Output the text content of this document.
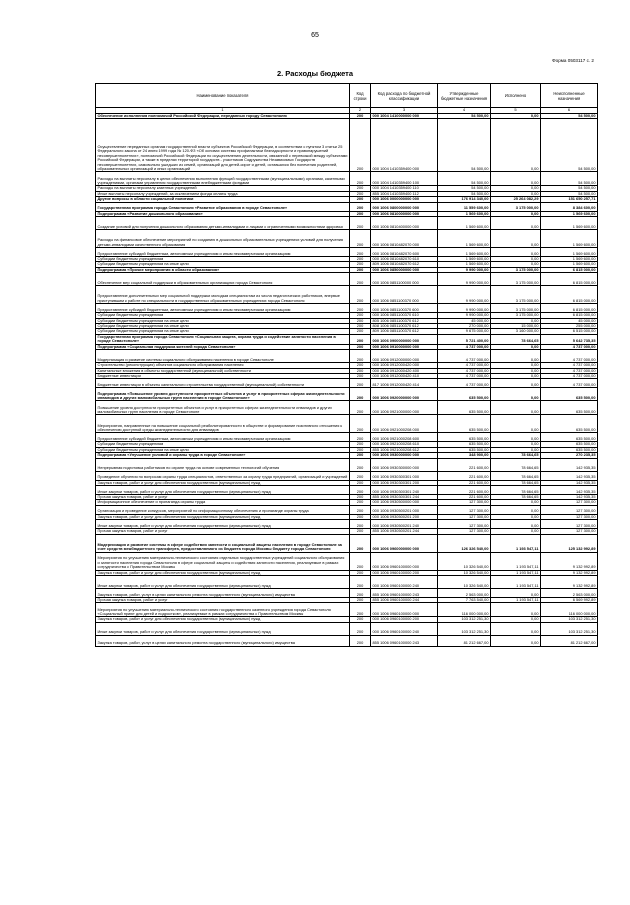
65
Форма 0503117 с. 2
2. Расходы бюджета
Наименование показателя	Код строки	Код расхода по бюджетной классификации	Утвержденные бюджетные назначения	Исполнено	Неисполненные назначения
1	2	3	4	5	6
Обеспечение исполнения полномочий Российской Федерации, переданных городу Севастополю	200	000 1004 1410000000 000	54 500,00	0,00	54 500,00
Осуществление переданных органам государственной власти субъектов Российской Федерации, в соответствии с пунктом 3 статьи 25 Федерального закона от 24 июня 1999 года № 120-ФЗ «Об основах системы профилактики безнадзорности и правонарушений несовершеннолетних», полномочий Российской Федерации по осуществлению деятельности, связанной с перевозкой между субъектами Российской Федерации, а также в пределах территорий государств - участников Содружества Независимых Государств несовершеннолетних, самовольно ушедших из семей, организаций для детей-сирот и детей, оставшихся без попечения родителей, образовательных организаций и иных организаций	200	000 1004 1410359400 000	54 500,00	0,00	54 500,00
Расходы на выплаты персоналу в целях обеспечения выполнения функций государственными (муниципальными) органами, казенными учреждениями, органами управления государственными внебюджетными фондами	200	000 1004 1410359400 100	54 500,00	0,00	54 500,00
Расходы на выплаты персоналу казенных учреждений	200	000 1004 1410359400 110	54 500,00	0,00	54 500,00
Иные выплаты персоналу учреждений, за исключением фонда оплаты труда	200	855 1004 1410359400 112	54 500,00	0,00	54 500,00
Другие вопросы в области социальной политики	200	000 1006 0000000000 000	176 914 340,00	25 264 082,29	151 650 257,71
Государственная программа города Севастополя «Развитие образования в городе Севастополе»	200	000 1006 0800000000 000	11 559 600,00	3 175 000,00	8 384 600,00
Подпрограмма «Развитие дошкольного образования»	200	000 1006 0810000000 000	1 569 600,00	0,00	1 569 600,00
Создание условий для получения дошкольного образования детьми-инвалидами и лицами с ограниченными возможностями здоровья	200	000 1006 0810400000 000	1 569 600,00	0,00	1 569 600,00
Расходы на финансовое обеспечение мероприятий по созданию в дошкольных образовательных учреждениях условий для получения детьми-инвалидами качественного образования	200	000 1006 0810482070 000	1 569 600,00	0,00	1 569 600,00
Предоставление субсидий бюджетным, автономным учреждениям и иным некоммерческим организациям	200	000 1006 0810482070 600	1 569 600,00	0,00	1 569 600,00
Субсидии бюджетным учреждениям	200	000 1006 0810482070 610	1 569 600,00	0,00	1 569 600,00
Субсидии бюджетным учреждениям на иные цели	200	809 1006 0810482070 612	1 569 600,00	0,00	1 569 600,00
Подпрограмма «Прочие мероприятия в области образования»	200	000 1006 0850000000 000	9 990 000,00	3 175 000,00	6 815 000,00
Обеспечение мер социальной поддержки в образовательных организациях города Севастополя	200	000 1006 0851100000 000	9 990 000,00	3 175 000,00	6 815 000,00
Предоставление дополнительных мер социальной поддержки молодым специалистам из числа педагогических работников, впервые приступившим к работе по специальности в государственных образовательных учреждениях города Севастополя	200	000 1006 0851100370 000	9 990 000,00	3 175 000,00	6 815 000,00
Предоставление субсидий бюджетным, автономным учреждениям и иным некоммерческим организациям	200	000 1006 0851100370 600	9 990 000,00	3 175 000,00	6 815 000,00
Субсидии бюджетным учреждениям	200	000 1006 0851100370 610	9 990 000,00	3 175 000,00	6 815 000,00
Субсидии бюджетным учреждениям на иные цели	200	805 1006 0851100370 612	45 000,00	0,00	45 000,00
Субсидии бюджетным учреждениям на иные цели	200	808 1006 0851100370 612	270 000,00	15 000,00	255 000,00
Субсидии бюджетным учреждениям на иные цели	200	809 1006 0851100370 612	9 675 000,00	3 160 000,00	6 515 000,00
Государственная программа города Севастополя «Социальная защита, охрана труда и содействие занятости населения в городе Севастополе»	200	000 1006 0900000000 000	5 721 400,00	78 664,65	5 642 735,35
Подпрограмма «Социальная поддержка жителей города Севастополя»	200	000 1006 0910000000 000	4 737 000,00	0,00	4 737 000,00
Модернизация и развитие системы социального обслуживания населения в городе Севастополе	200	000 1006 0912000000 000	4 737 000,00	0,00	4 737 000,00
Строительство (реконструкция) объектов социального обслуживания населения	200	000 1006 0912000420 000	4 737 000,00	0,00	4 737 000,00
Капитальные вложения в объекты государственной (муниципальной) собственности	200	000 1006 0912000420 400	4 737 000,00	0,00	4 737 000,00
Бюджетные инвестиции	200	000 1006 0912000420 410	4 737 000,00	0,00	4 737 000,00
Бюджетные инвестиции в объекты капитального строительства государственной (муниципальной) собственности	200	817 1006 0912000420 414	4 737 000,00	0,00	4 737 000,00
Подпрограмма «Повышение уровня доступности приоритетных объектов и услуг в приоритетных сферах жизнедеятельности инвалидов и других маломобильных групп населения в городе Севастополе»	200	000 1006 0920000000 000	635 500,00	0,00	635 500,00
Повышение уровня доступности приоритетных объектов и услуг в приоритетных сферах жизнедеятельности инвалидов и других маломобильных групп населения в городе Севастополе	200	000 1006 0921000000 000	635 500,00	0,00	635 500,00
Мероприятия, направленные на повышение социальной реабилитированности в обществе и формирование позитивного отношения к обеспечению доступной среды жизнедеятельности для инвалидов	200	000 1006 0921000208 000	635 500,00	0,00	635 500,00
Предоставление субсидий бюджетным, автономным учреждениям и иным некоммерческим организациям	200	000 1006 0921000208 600	635 500,00	0,00	635 500,00
Субсидии бюджетным учреждениям	200	000 1006 0921000208 610	635 500,00	0,00	635 500,00
Субсидии бюджетным учреждениям на иные цели	200	855 1006 0921000208 612	635 500,00	0,00	635 500,00
Подпрограмма «Улучшение условий и охраны труда в городе Севастополе»	200	000 1006 0930000000 000	348 900,00	78 664,65	270 235,35
Непрерывная подготовка работников по охране труда на основе современных технологий обучения	200	000 1006 0930300000 000	221 600,00	78 664,65	142 935,35
Проведение обучения по вопросам охраны труда специалистов, ответственных за охрану труда предприятий, организаций и учреждений	200	000 1006 0930300301 000	221 600,00	78 664,65	142 935,35
Закупка товаров, работ и услуг для обеспечения государственных (муниципальных) нужд	200	000 1006 0930300301 200	221 600,00	78 664,65	142 935,35
Иные закупки товаров, работ и услуг для обеспечения государственных (муниципальных) нужд	200	000 1006 0930300301 240	221 600,00	78 664,65	142 935,35
Прочая закупка товаров, работ и услуг	200	855 1006 0930300301 244	221 600,00	78 664,65	142 935,35
Информационное обеспечение и пропаганда охраны труда	200	000 1006 0930500000 000	127 300,00	0,00	127 300,00
Организация и проведение конкурсов, мероприятий по информационному обеспечению и пропаганде охраны труда	200	000 1006 0930500201 000	127 300,00	0,00	127 300,00
Закупка товаров, работ и услуг для обеспечения государственных (муниципальных) нужд	200	000 1006 0930500201 200	127 300,00	0,00	127 300,00
Иные закупки товаров, работ и услуг для обеспечения государственных (муниципальных) нужд	200	000 1006 0930500201 240	127 300,00	0,00	127 300,00
Прочая закупка товаров, работ и услуг	200	855 1006 0930500201 244	127 300,00	0,00	127 300,00
Модернизация и развитие системы в сфере содействия занятости и социальной защиты населения в городе Севастополе за счет средств межбюджетного трансферта, предоставляемого из бюджета города Москвы бюджету города Севастополя	200	000 1006 0960000000 000	126 326 540,00	1 193 547,11	125 132 992,89
Мероприятия по улучшению материально-технического состояния отдельных государственных учреждений социального обслуживания и занятости населения города Севастополя в сфере социальной защиты и содействия занятости населения, реализуемые в рамках сотрудничества с Правительством Москвы	200	000 1006 0960100000 000	10 326 540,00	1 193 547,11	9 132 992,89
Закупка товаров, работ и услуг для обеспечения государственных (муниципальных) нужд	200	000 1006 0960100000 200	10 326 540,00	1 193 547,11	9 132 992,89
Иные закупки товаров, работ и услуг для обеспечения государственных (муниципальных) нужд	200	000 1006 0960100000 240	10 326 540,00	1 193 547,11	9 132 992,89
Закупка товаров, работ, услуг в целях капитального ремонта государственного (муниципального) имущества	200	855 1006 0960100000 243	2 563 000,00	0,00	2 563 000,00
Прочая закупка товаров, работ и услуг	200	855 1006 0960100000 244	7 763 540,00	1 193 547,11	6 569 992,89
Мероприятия по улучшению материально-технического состояния государственного казенного учреждения города Севастополя «Социальный приют для детей и подростков», реализуемые в рамках сотрудничества с Правительством Москвы	200	000 1006 0960100000 000	116 000 000,00	0,00	116 000 000,00
Закупка товаров, работ и услуг для обеспечения государственных (муниципальных) нужд	200	000 1006 0960100000 200	103 312 251,30	0,00	103 312 251,30
Иные закупки товаров, работ и услуг для обеспечения государственных (муниципальных) нужд	200	000 1006 0960100000 240	103 312 251,30	0,00	103 312 251,30
Закупка товаров, работ, услуг в целях капитального ремонта государственного (муниципального) имущества	200	855 1006 0960100000 243	81 212 667,00	0,00	81 212 667,00
